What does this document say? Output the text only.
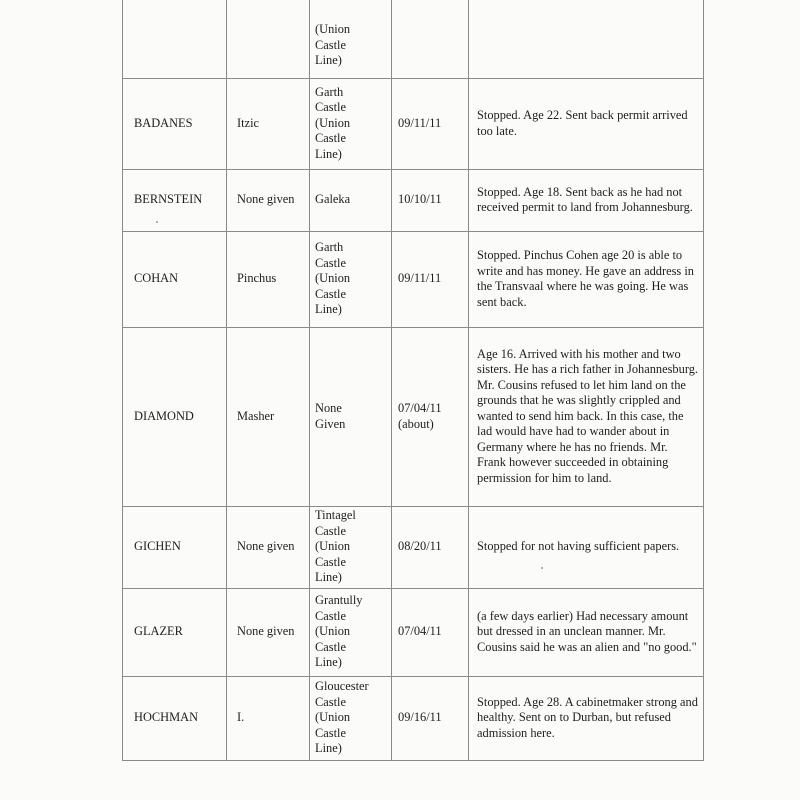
		(Union
Castle
Line)		

BADANES	Itzic	Garth
Castle
(Union
Castle
Line)	09/11/11	Stopped. Age 22. Sent back permit arrived too late.

BERNSTEIN	None given	Galeka	10/10/11	Stopped. Age 18. Sent back as he had not received permit to land from Johannesburg.

COHAN	Pinchus	Garth
Castle
(Union
Castle
Line)	09/11/11	Stopped. Pinchus Cohen age 20 is able to write and has money. He gave an address in the Transvaal where he was going. He was sent back.

DIAMOND	Masher	None
Given	07/04/11
(about)	Age 16. Arrived with his mother and two sisters. He has a rich father in Johannesburg. Mr. Cousins refused to let him land on the grounds that he was slightly crippled and wanted to send him back. In this case, the lad would have had to wander about in Germany where he has no friends. Mr. Frank however succeeded in obtaining permission for him to land.

GICHEN	None given	Tintagel
Castle
(Union
Castle
Line)	08/20/11	Stopped for not having sufficient papers.

GLAZER	None given	Grantully
Castle
(Union
Castle
Line)	07/04/11	(a few days earlier) Had necessary amount but dressed in an unclean manner. Mr. Cousins said he was an alien and "no good."

HOCHMAN	I.	Gloucester
Castle
(Union
Castle
Line)	09/16/11	Stopped. Age 28. A cabinetmaker strong and healthy. Sent on to Durban, but refused admission here.
